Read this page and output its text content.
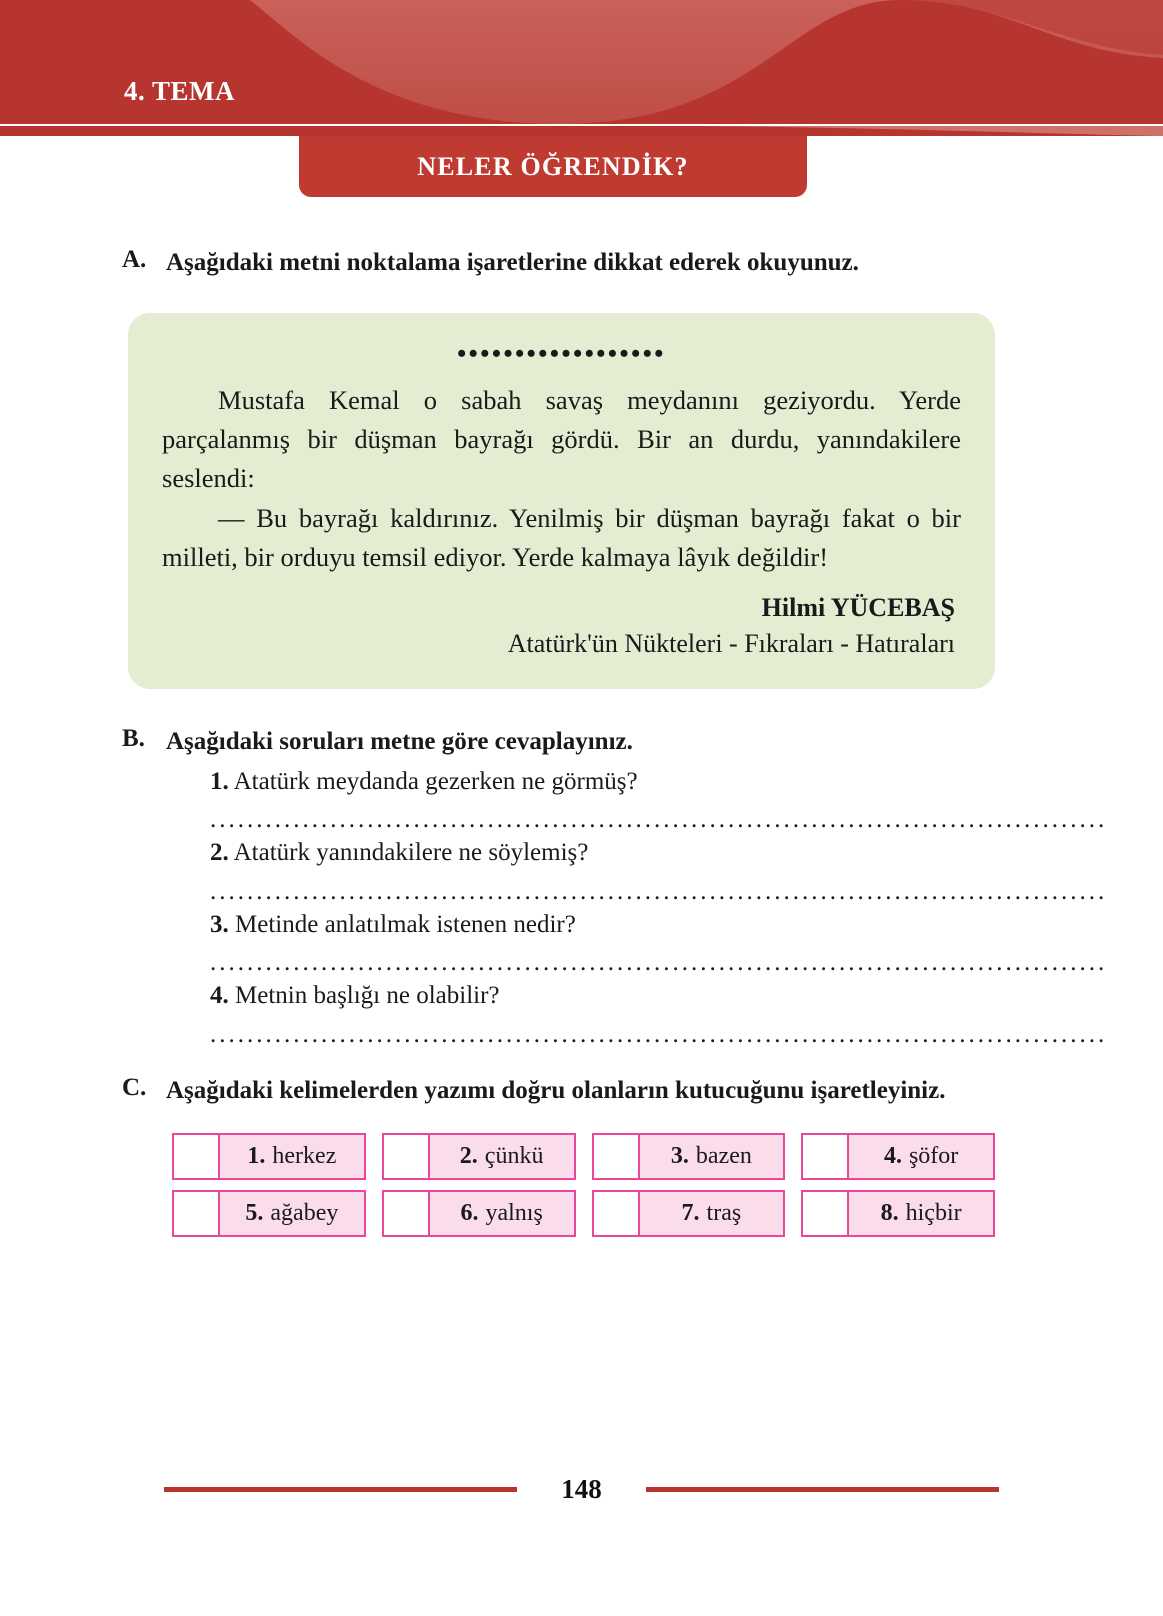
4. TEMA
NELER ÖĞRENDİK?
A. Aşağıdaki metni noktalama işaretlerine dikkat ederek okuyunuz.

••••••••••••••••••

Mustafa Kemal o sabah savaş meydanını geziyordu. Yerde parçalanmış bir düşman bayrağı gördü. Bir an durdu, yanındakilere seslendi:

— Bu bayrağı kaldırınız. Yenilmiş bir düşman bayrağı fakat o bir milleti, bir orduyu temsil ediyor. Yerde kalmaya lâyık değildir!

Hilmi YÜCEBAŞ
Atatürk'ün Nükteleri - Fıkraları - Hatıraları
B. Aşağıdaki soruları metne göre cevaplayınız.

1. Atatürk meydanda gezerken ne görmüş?
.................................................................................................
2. Atatürk yanındakilere ne söylemiş?
.................................................................................................
3. Metinde anlatılmak istenen nedir?
.................................................................................................
4. Metnin başlığı ne olabilir?
.................................................................................................
C. Aşağıdaki kelimelerden yazımı doğru olanların kutucuğunu işaretleyiniz.

1. herkez	2. çünkü	3. bazen	4. şöfor
5. ağabey	6. yalnış	7. traş	8. hiçbir
148
